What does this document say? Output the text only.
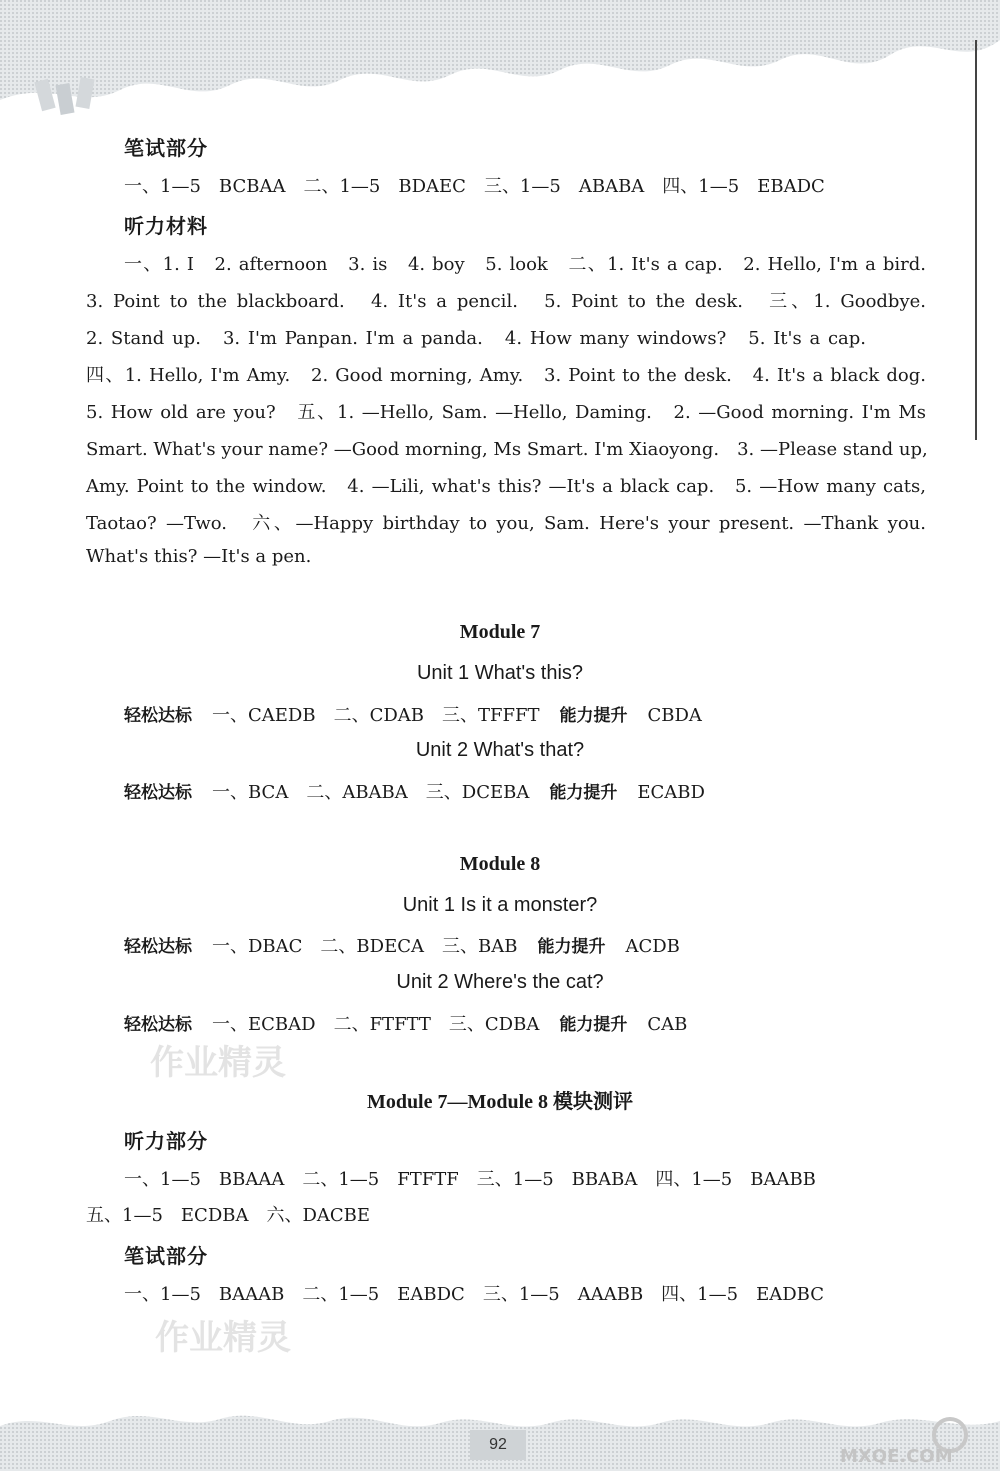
笔试部分
一、1—5　BCBAA　二、1—5　BDAEC　三、1—5　ABABA　四、1—5　EBADC
听力材料
一、1. I　2. afternoon　3. is　4. boy　5. look　二、1. It's a cap.　2. Hello, I'm a bird.
3. Point to the blackboard.　4. It's a pencil.　5. Point to the desk.　三、1. Goodbye.
2. Stand up.　3. I'm Panpan. I'm a panda.　4. How many windows?　5. It's a cap.
四、1. Hello, I'm Amy.　2. Good morning, Amy.　3. Point to the desk.　4. It's a black dog.
5. How old are you?　五、1. —Hello, Sam. —Hello, Daming.　2. —Good morning. I'm Ms
Smart. What's your name? —Good morning, Ms Smart. I'm Xiaoyong.　3. —Please stand up,
Amy. Point to the window.　4. —Lili, what's this? —It's a black cap.　5. —How many cats,
Taotao? —Two.　六、—Happy birthday to you, Sam. Here's your present. —Thank you.
What's this? —It's a pen.
Module 7
Unit 1 What's this?
轻松达标 一、CAEDB　二、CDAB　三、TFFFT 能力提升 CBDA
Unit 2 What's that?
轻松达标 一、BCA　二、ABABA　三、DCEBA 能力提升 ECABD
Module 8
Unit 1 Is it a monster?
轻松达标 一、DBAC　二、BDECA　三、BAB 能力提升 ACDB
Unit 2 Where's the cat?
轻松达标 一、ECBAD　二、FTFTT　三、CDBA 能力提升 CAB
作业精灵
Module 7—Module 8 模块测评
听力部分
一、1—5　BBAAA　二、1—5　FTFTF　三、1—5　BBABA　四、1—5　BAABB
五、1—5　ECDBA　六、DACBE
笔试部分
一、1—5　BAAAB　二、1—5　EABDC　三、1—5　AAABB　四、1—5　EADBC
作业精灵
92
MXQE.COM
